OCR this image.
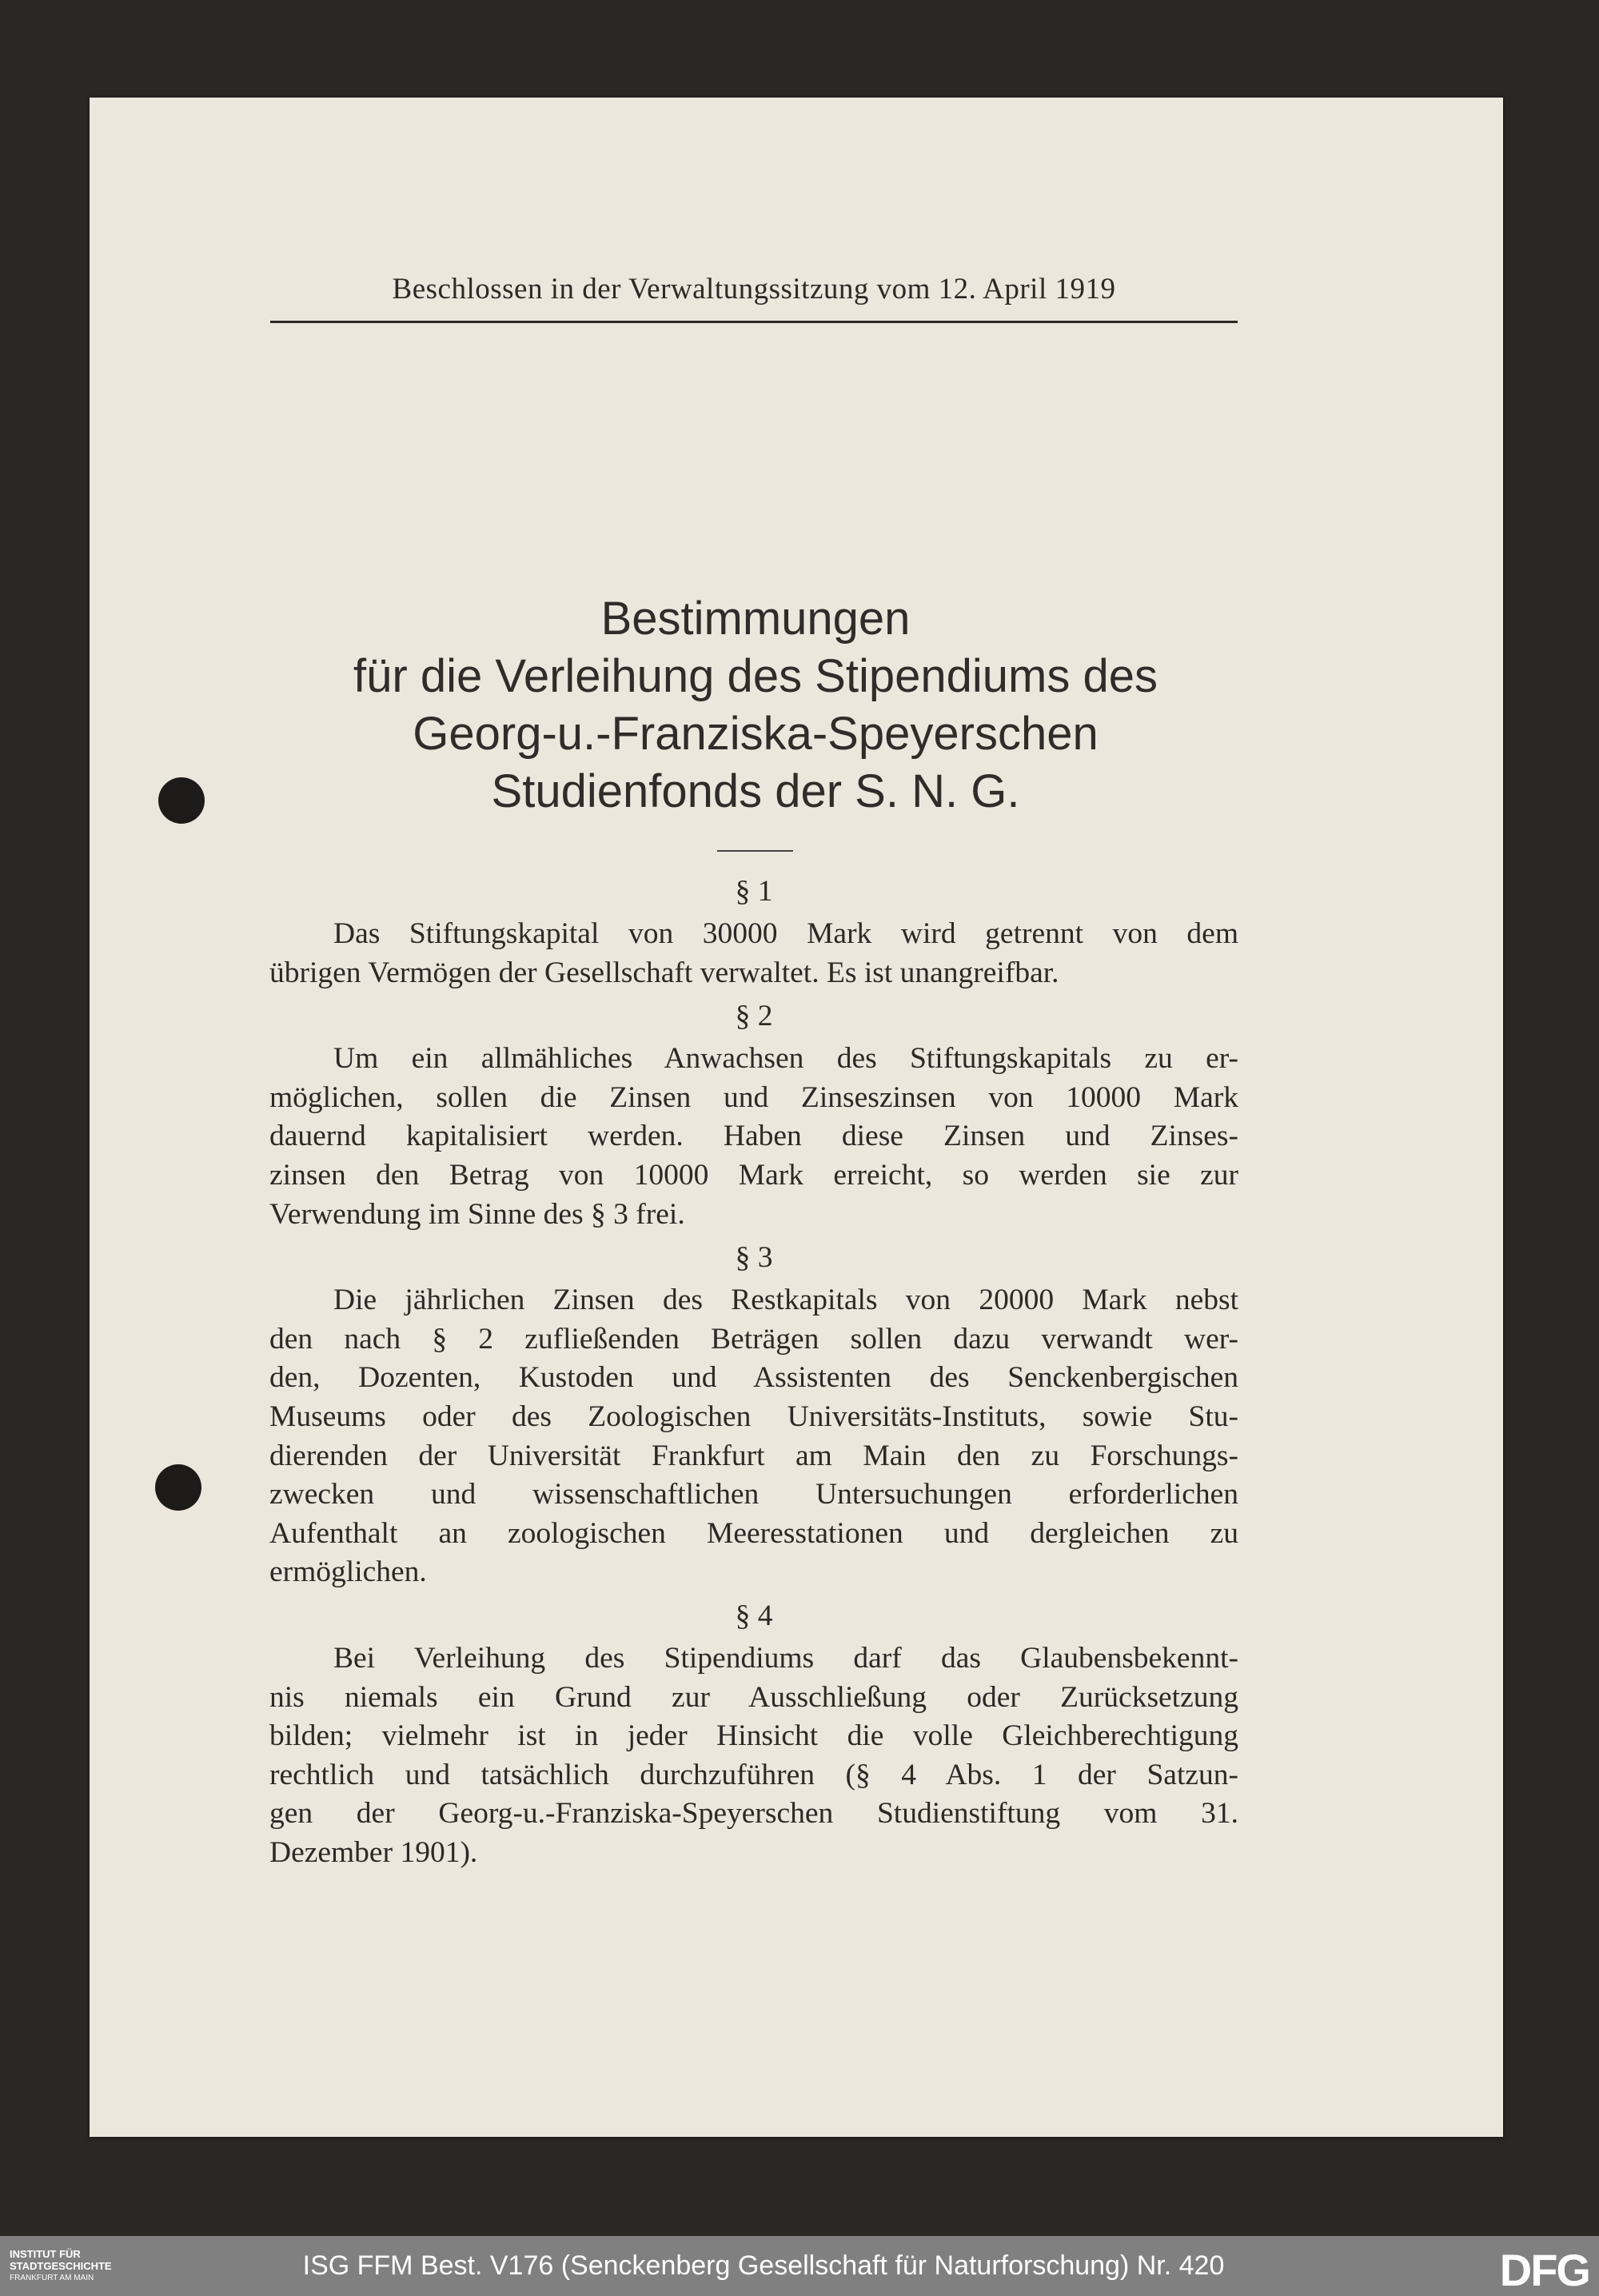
Beschlossen in der Verwaltungssitzung vom 12. April 1919
Bestimmungen
für die Verleihung des Stipendiums des
Georg-u.-Franziska-Speyerschen
Studienfonds der S. N. G.
§ 1
Das Stiftungskapital von 30000 Mark wird getrennt von dem
übrigen Vermögen der Gesellschaft verwaltet. Es ist unangreifbar.
§ 2
Um ein allmähliches Anwachsen des Stiftungskapitals zu er-
möglichen, sollen die Zinsen und Zinseszinsen von 10000 Mark
dauernd kapitalisiert werden. Haben diese Zinsen und Zinses-
zinsen den Betrag von 10000 Mark erreicht, so werden sie zur
Verwendung im Sinne des § 3 frei.
§ 3
Die jährlichen Zinsen des Restkapitals von 20000 Mark nebst
den nach § 2 zufließenden Beträgen sollen dazu verwandt wer-
den, Dozenten, Kustoden und Assistenten des Senckenbergischen
Museums oder des Zoologischen Universitäts-Instituts, sowie Stu-
dierenden der Universität Frankfurt am Main den zu Forschungs-
zwecken und wissenschaftlichen Untersuchungen erforderlichen
Aufenthalt an zoologischen Meeresstationen und dergleichen zu
ermöglichen.
§ 4
Bei Verleihung des Stipendiums darf das Glaubensbekennt-
nis niemals ein Grund zur Ausschließung oder Zurücksetzung
bilden; vielmehr ist in jeder Hinsicht die volle Gleichberechtigung
rechtlich und tatsächlich durchzuführen (§ 4 Abs. 1 der Satzun-
gen der Georg-u.-Franziska-Speyerschen Studienstiftung vom 31.
Dezember 1901).
INSTITUT FÜR
STADTGESCHICHTE
FRANKFURT AM MAIN	ISG FFM Best. V176 (Senckenberg Gesellschaft für Naturforschung) Nr. 420	DFG
